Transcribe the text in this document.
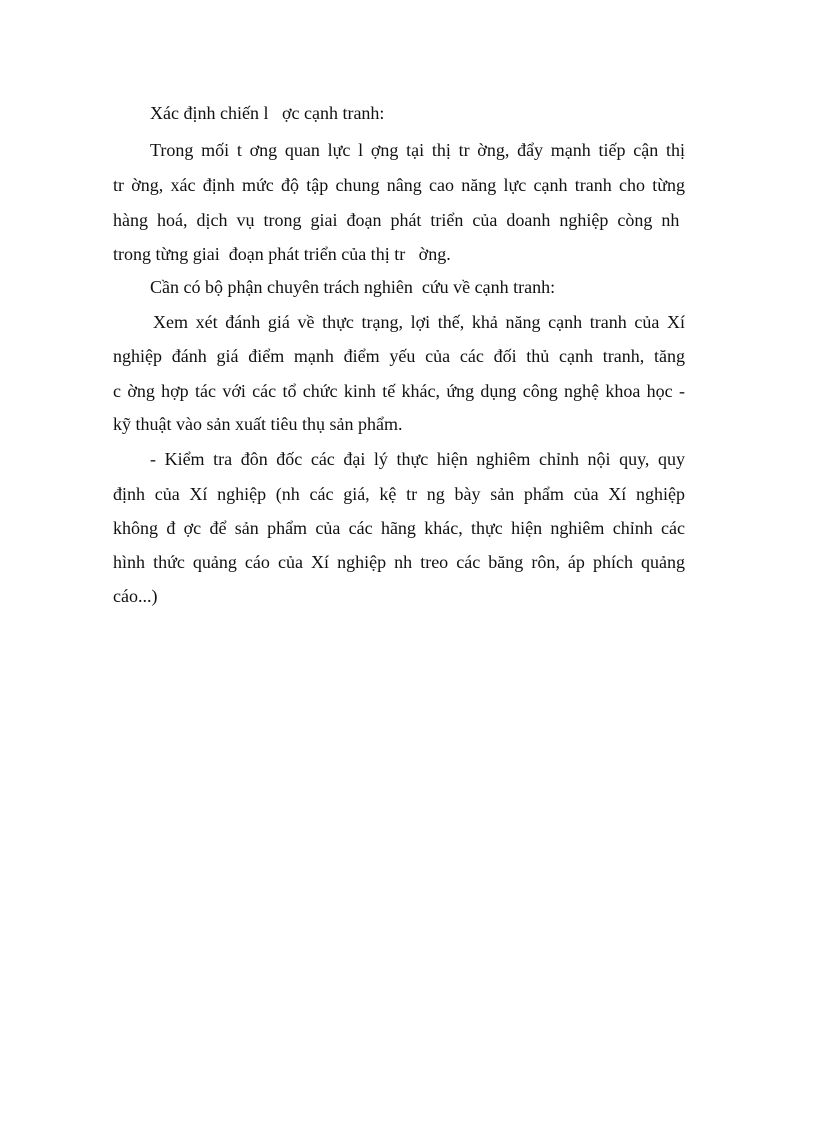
Xác định chiến l   ợc cạnh tranh:
Trong mối t ơng quan lực l ợng tại thị tr ờng, đẩy mạnh tiếp cận thị
tr ờng, xác định mức độ tập chung nâng cao năng lực cạnh tranh cho từng
hàng  hoá,  dịch  vụ  trong  giai  đoạn  phát  triển  của  doanh  nghiệp  còng  nh
trong từng giai  đoạn phát triển của thị tr   ờng.
Cần có bộ phận chuyên trách nghiên  cứu về cạnh tranh:
Xem xét đánh giá về thực trạng, lợi thế, khả năng cạnh tranh của Xí
nghiệp đánh giá điểm mạnh điểm yếu của các đối thủ cạnh tranh, tăng
c ờng hợp tác với các tổ chức kinh tế khác, ứng dụng công nghệ khoa học -
kỹ thuật vào sản xuất tiêu thụ sản phẩm.
- Kiểm tra đôn đốc các đại lý thực hiện nghiêm chỉnh nội quy, quy
định của Xí nghiệp (nh các giá, kệ tr ng bày sản phẩm của Xí nghiệp
không đ ợc để sản phẩm của các hãng khác, thực hiện nghiêm chỉnh các
hình thức quảng cáo của Xí nghiệp nh treo các băng rôn, áp phích quảng
cáo...)
